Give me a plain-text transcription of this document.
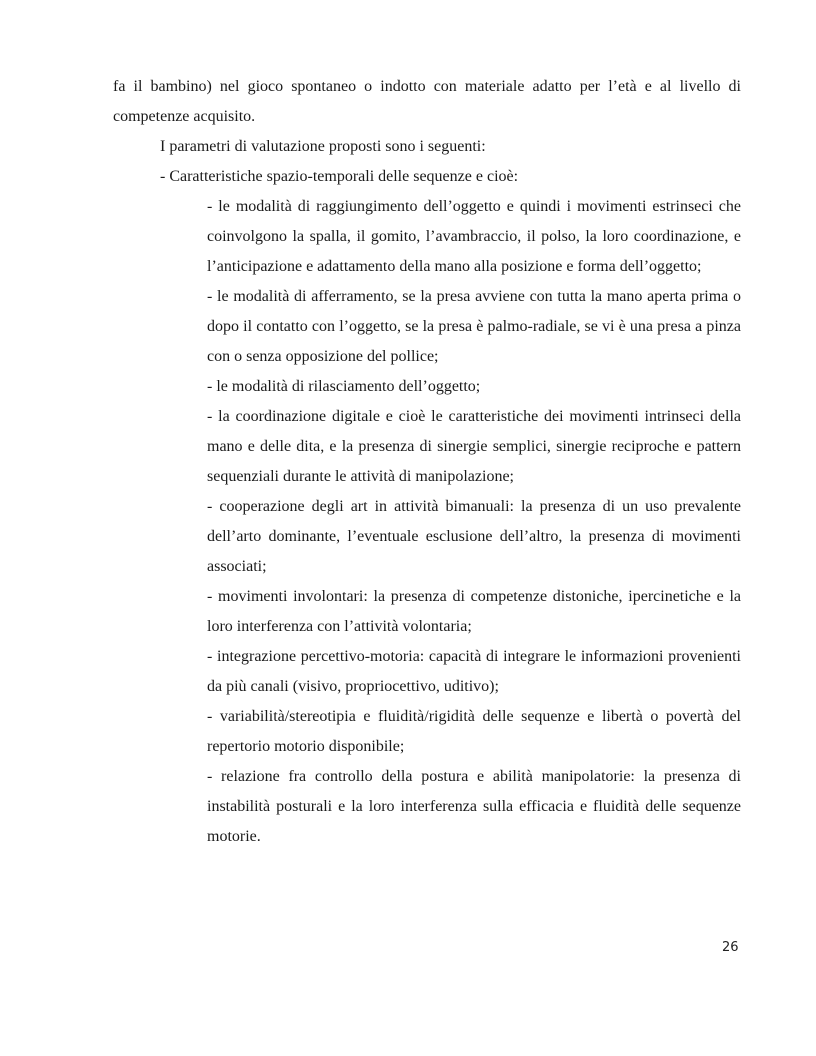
fa il bambino) nel gioco spontaneo o indotto con materiale adatto per l’età e al livello di competenze acquisito.

I parametri di valutazione proposti sono i seguenti:

- Caratteristiche spazio-temporali delle sequenze e cioè:

- le modalità di raggiungimento dell’oggetto e quindi i movimenti estrinseci che coinvolgono la spalla, il gomito, l’avambraccio, il polso, la loro coordinazione, e l’anticipazione e adattamento della mano alla posizione e forma dell’oggetto;

- le modalità di afferramento, se la presa avviene con tutta la mano aperta prima o dopo il contatto con l’oggetto, se la presa è palmo-radiale, se vi è una presa a pinza con o senza opposizione del pollice;

- le modalità di rilasciamento dell’oggetto;

- la coordinazione digitale e cioè le caratteristiche dei movimenti intrinseci della mano e delle dita, e la presenza di sinergie semplici, sinergie reciproche e pattern sequenziali durante le attività di manipolazione;

- cooperazione degli art in attività bimanuali: la presenza di un uso prevalente dell’arto dominante, l’eventuale esclusione dell’altro, la presenza di movimenti associati;

- movimenti involontari: la presenza di competenze distoniche, ipercinetiche e la loro interferenza con l’attività volontaria;

- integrazione percettivo-motoria: capacità di integrare le informazioni provenienti da più canali (visivo, propriocettivo, uditivo);

- variabilità/stereotipia e fluidità/rigidità delle sequenze e libertà o povertà del repertorio motorio disponibile;

- relazione fra controllo della postura e abilità manipolatorie: la presenza di instabilità posturali e la loro interferenza sulla efficacia e fluidità delle sequenze motorie.

26
